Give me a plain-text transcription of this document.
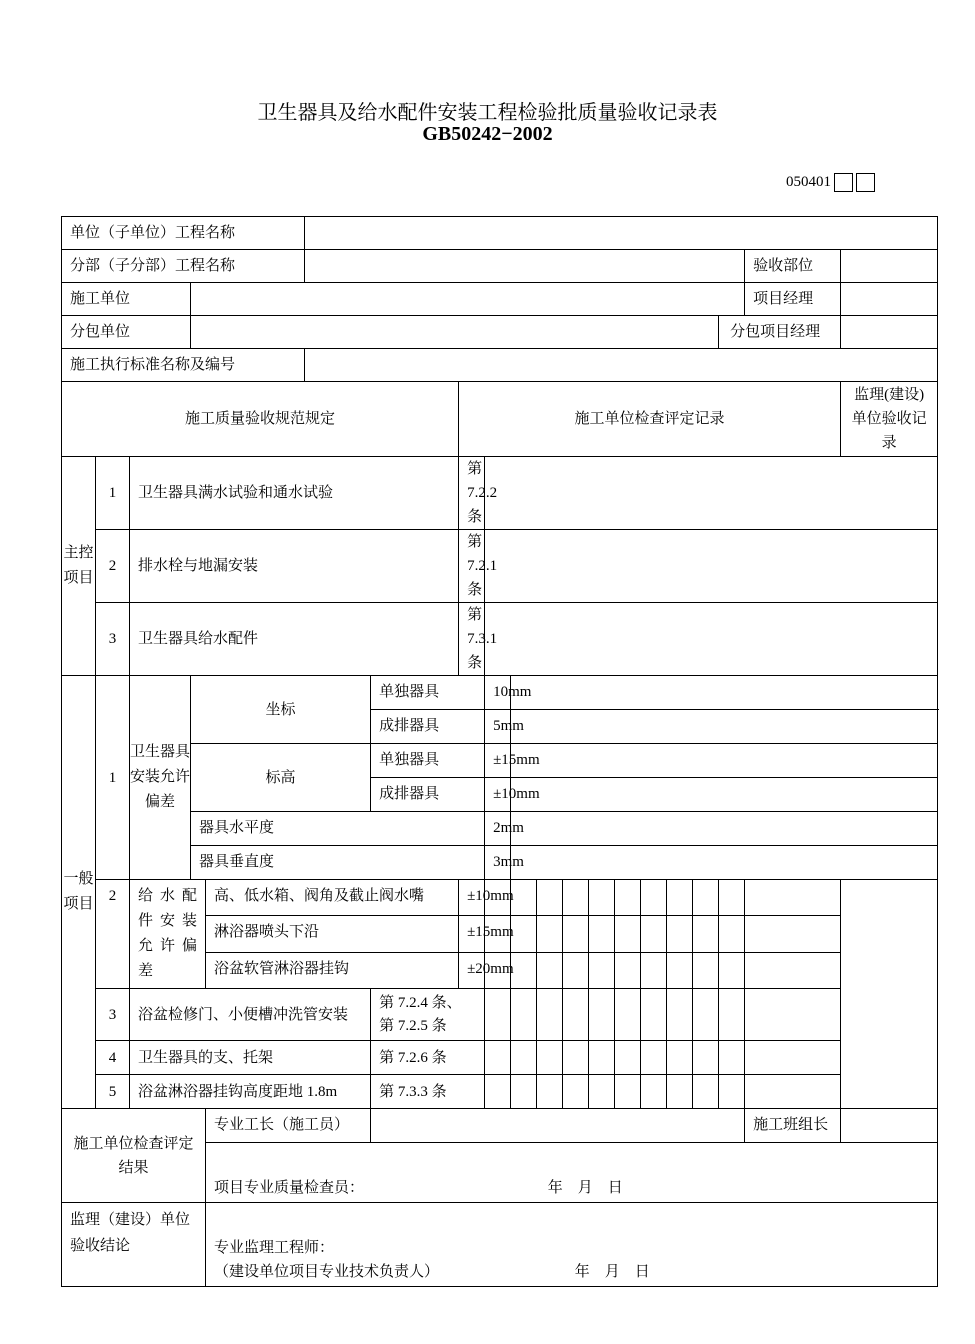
卫生器具及给水配件安装工程检验批质量验收记录表
GB50242−2002
050401
单位（子单位）工程名称																				
分部（子分部）工程名称																		验收部位		
施工单位																		项目经理		
分包单位																	分包项目经理			
施工执行标准名称及编号																				
施工质量验收规范规定							施工单位检查评定记录												监理(建设)单位验收记录	
主控项目	1	卫生器具满水试验和通水试验					第 7.2.2 条													
	2	排水栓与地漏安装					第 7.2.1 条													
	3	卫生器具给水配件					第 7.3.1 条													
一般项目	1	卫生器具安装允许偏差	坐标			单独器具		10mm												
						成排器具		5mm												
			标高			单独器具		±15mm												
						成排器具		±10mm												
			器具水平度					2mm												
			器具垂直度					3mm												
	2	给水配件安装允许偏差		高、低水箱、阀角及截止阀水嘴			±10mm													
				淋浴器喷头下沿			±15mm													
				浴盆软管淋浴器挂钩			±20mm													
	3	浴盆检修门、小便槽冲洗管安装				第 7.2.4 条、第 7.2.5 条														
	4	卫生器具的支、托架				第 7.2.6 条														
	5	浴盆淋浴器挂钩高度距地 1.8m				第 7.3.3 条														
施工单位检查评定结果				专业工长（施工员）														施工班组长		
				项目专业质量检查员： 年　月　日																
监理（建设）单位验收结论				专业监理工程师：
（建设单位项目专业技术负责人） 年　月　日																
